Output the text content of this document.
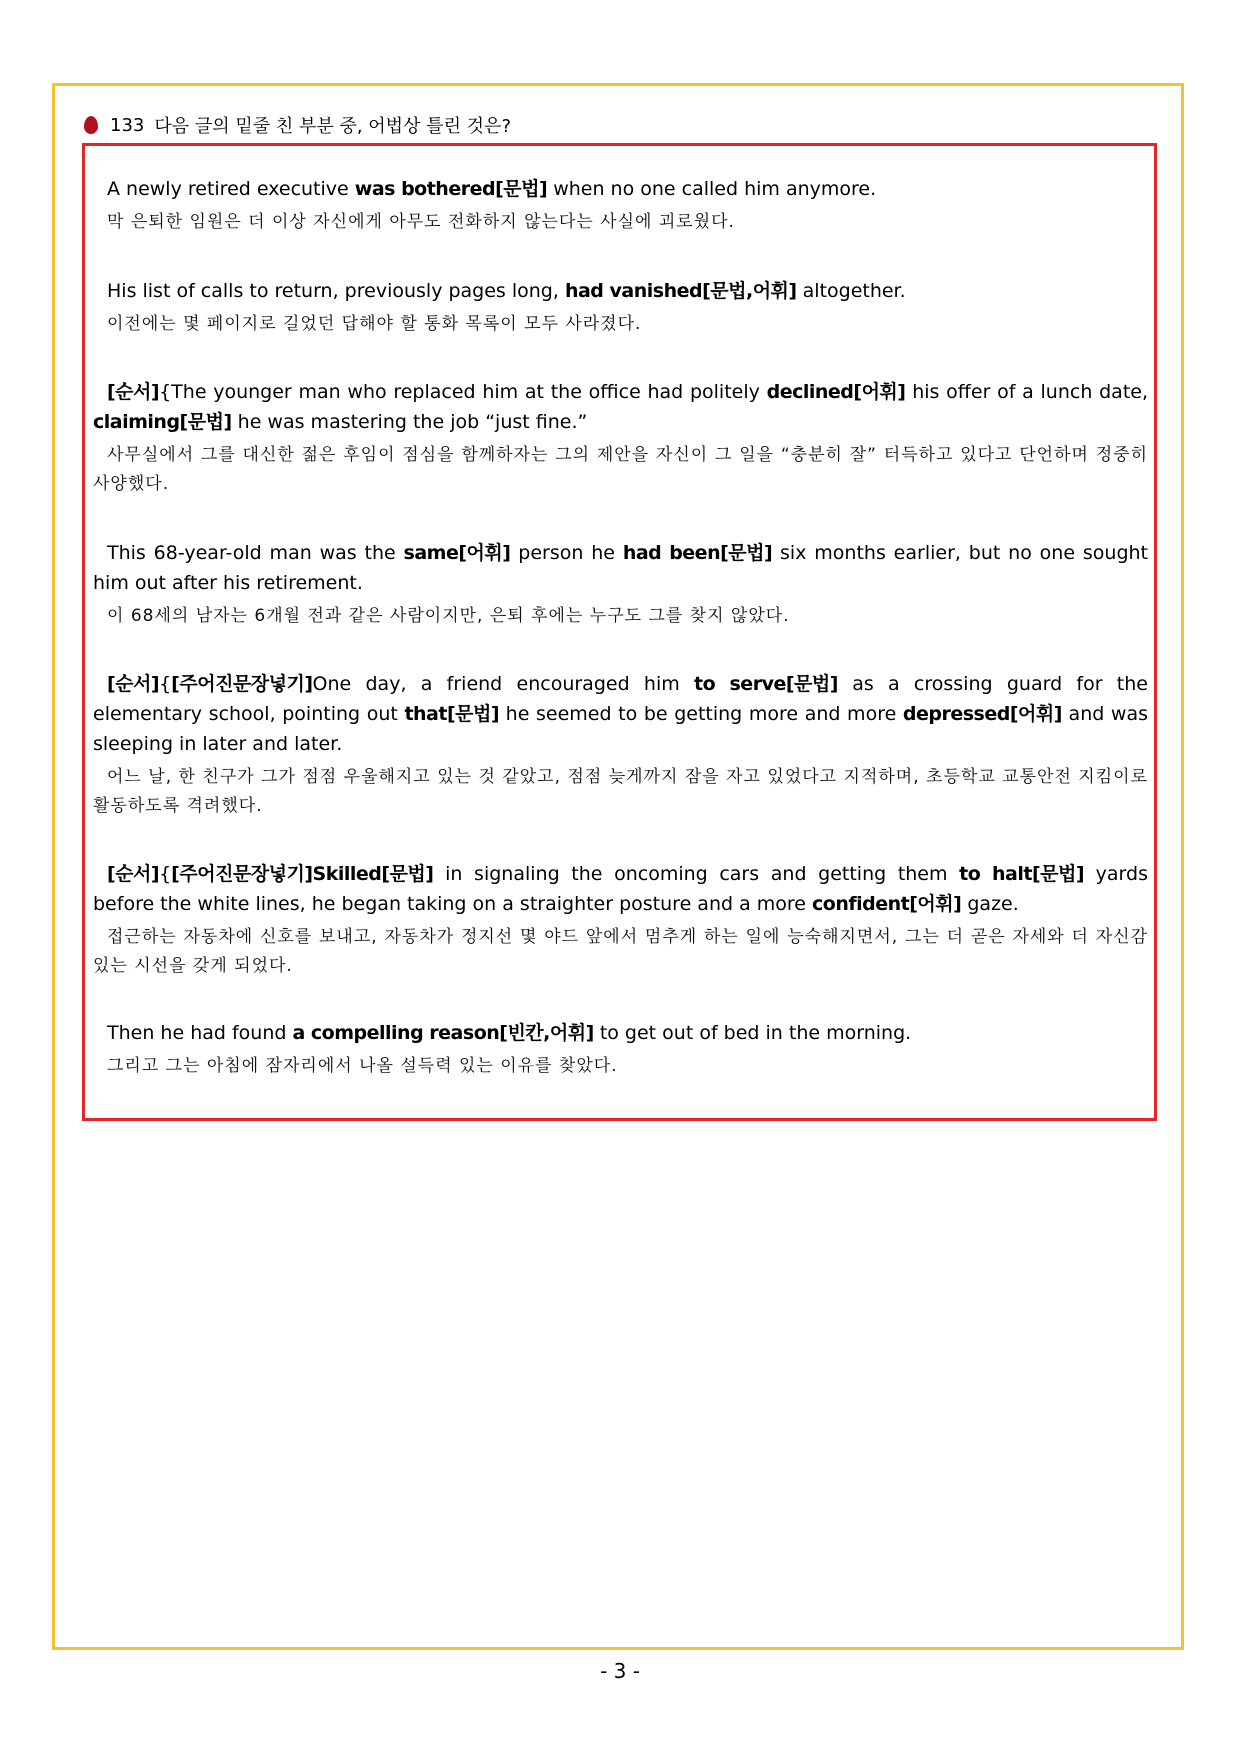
133 다음 글의 밑줄 친 부분 중, 어법상 틀린 것은?

A newly retired executive was bothered[문법] when no one called him anymore.

막 은퇴한 임원은 더 이상 자신에게 아무도 전화하지 않는다는 사실에 괴로웠다.

His list of calls to return, previously pages long, had vanished[문법,어휘] altogether.

이전에는 몇 페이지로 길었던 답해야 할 통화 목록이 모두 사라졌다.

[순서]{The younger man who replaced him at the office had politely declined[어휘] his offer of a lunch date, claiming[문법] he was mastering the job “just fine.”

사무실에서 그를 대신한 젊은 후임이 점심을 함께하자는 그의 제안을 자신이 그 일을 “충분히 잘” 터득하고 있다고 단언하며 정중히 사양했다.

This 68-year-old man was the same[어휘] person he had been[문법] six months earlier, but no one sought him out after his retirement.

이 68세의 남자는 6개월 전과 같은 사람이지만, 은퇴 후에는 누구도 그를 찾지 않았다.

[순서]{[주어진문장넣기]One day, a friend encouraged him to serve[문법] as a crossing guard for the elementary school, pointing out that[문법] he seemed to be getting more and more depressed[어휘] and was sleeping in later and later.

어느 날, 한 친구가 그가 점점 우울해지고 있는 것 같았고, 점점 늦게까지 잠을 자고 있었다고 지적하며, 초등학교 교통안전 지킴이로 활동하도록 격려했다.

[순서]{[주어진문장넣기]Skilled[문법] in signaling the oncoming cars and getting them to halt[문법] yards before the white lines, he began taking on a straighter posture and a more confident[어휘] gaze.

접근하는 자동차에 신호를 보내고, 자동차가 정지선 몇 야드 앞에서 멈추게 하는 일에 능숙해지면서, 그는 더 곧은 자세와 더 자신감 있는 시선을 갖게 되었다.

Then he had found a compelling reason[빈칸,어휘] to get out of bed in the morning.

그리고 그는 아침에 잠자리에서 나올 설득력 있는 이유를 찾았다.

- 3 -
